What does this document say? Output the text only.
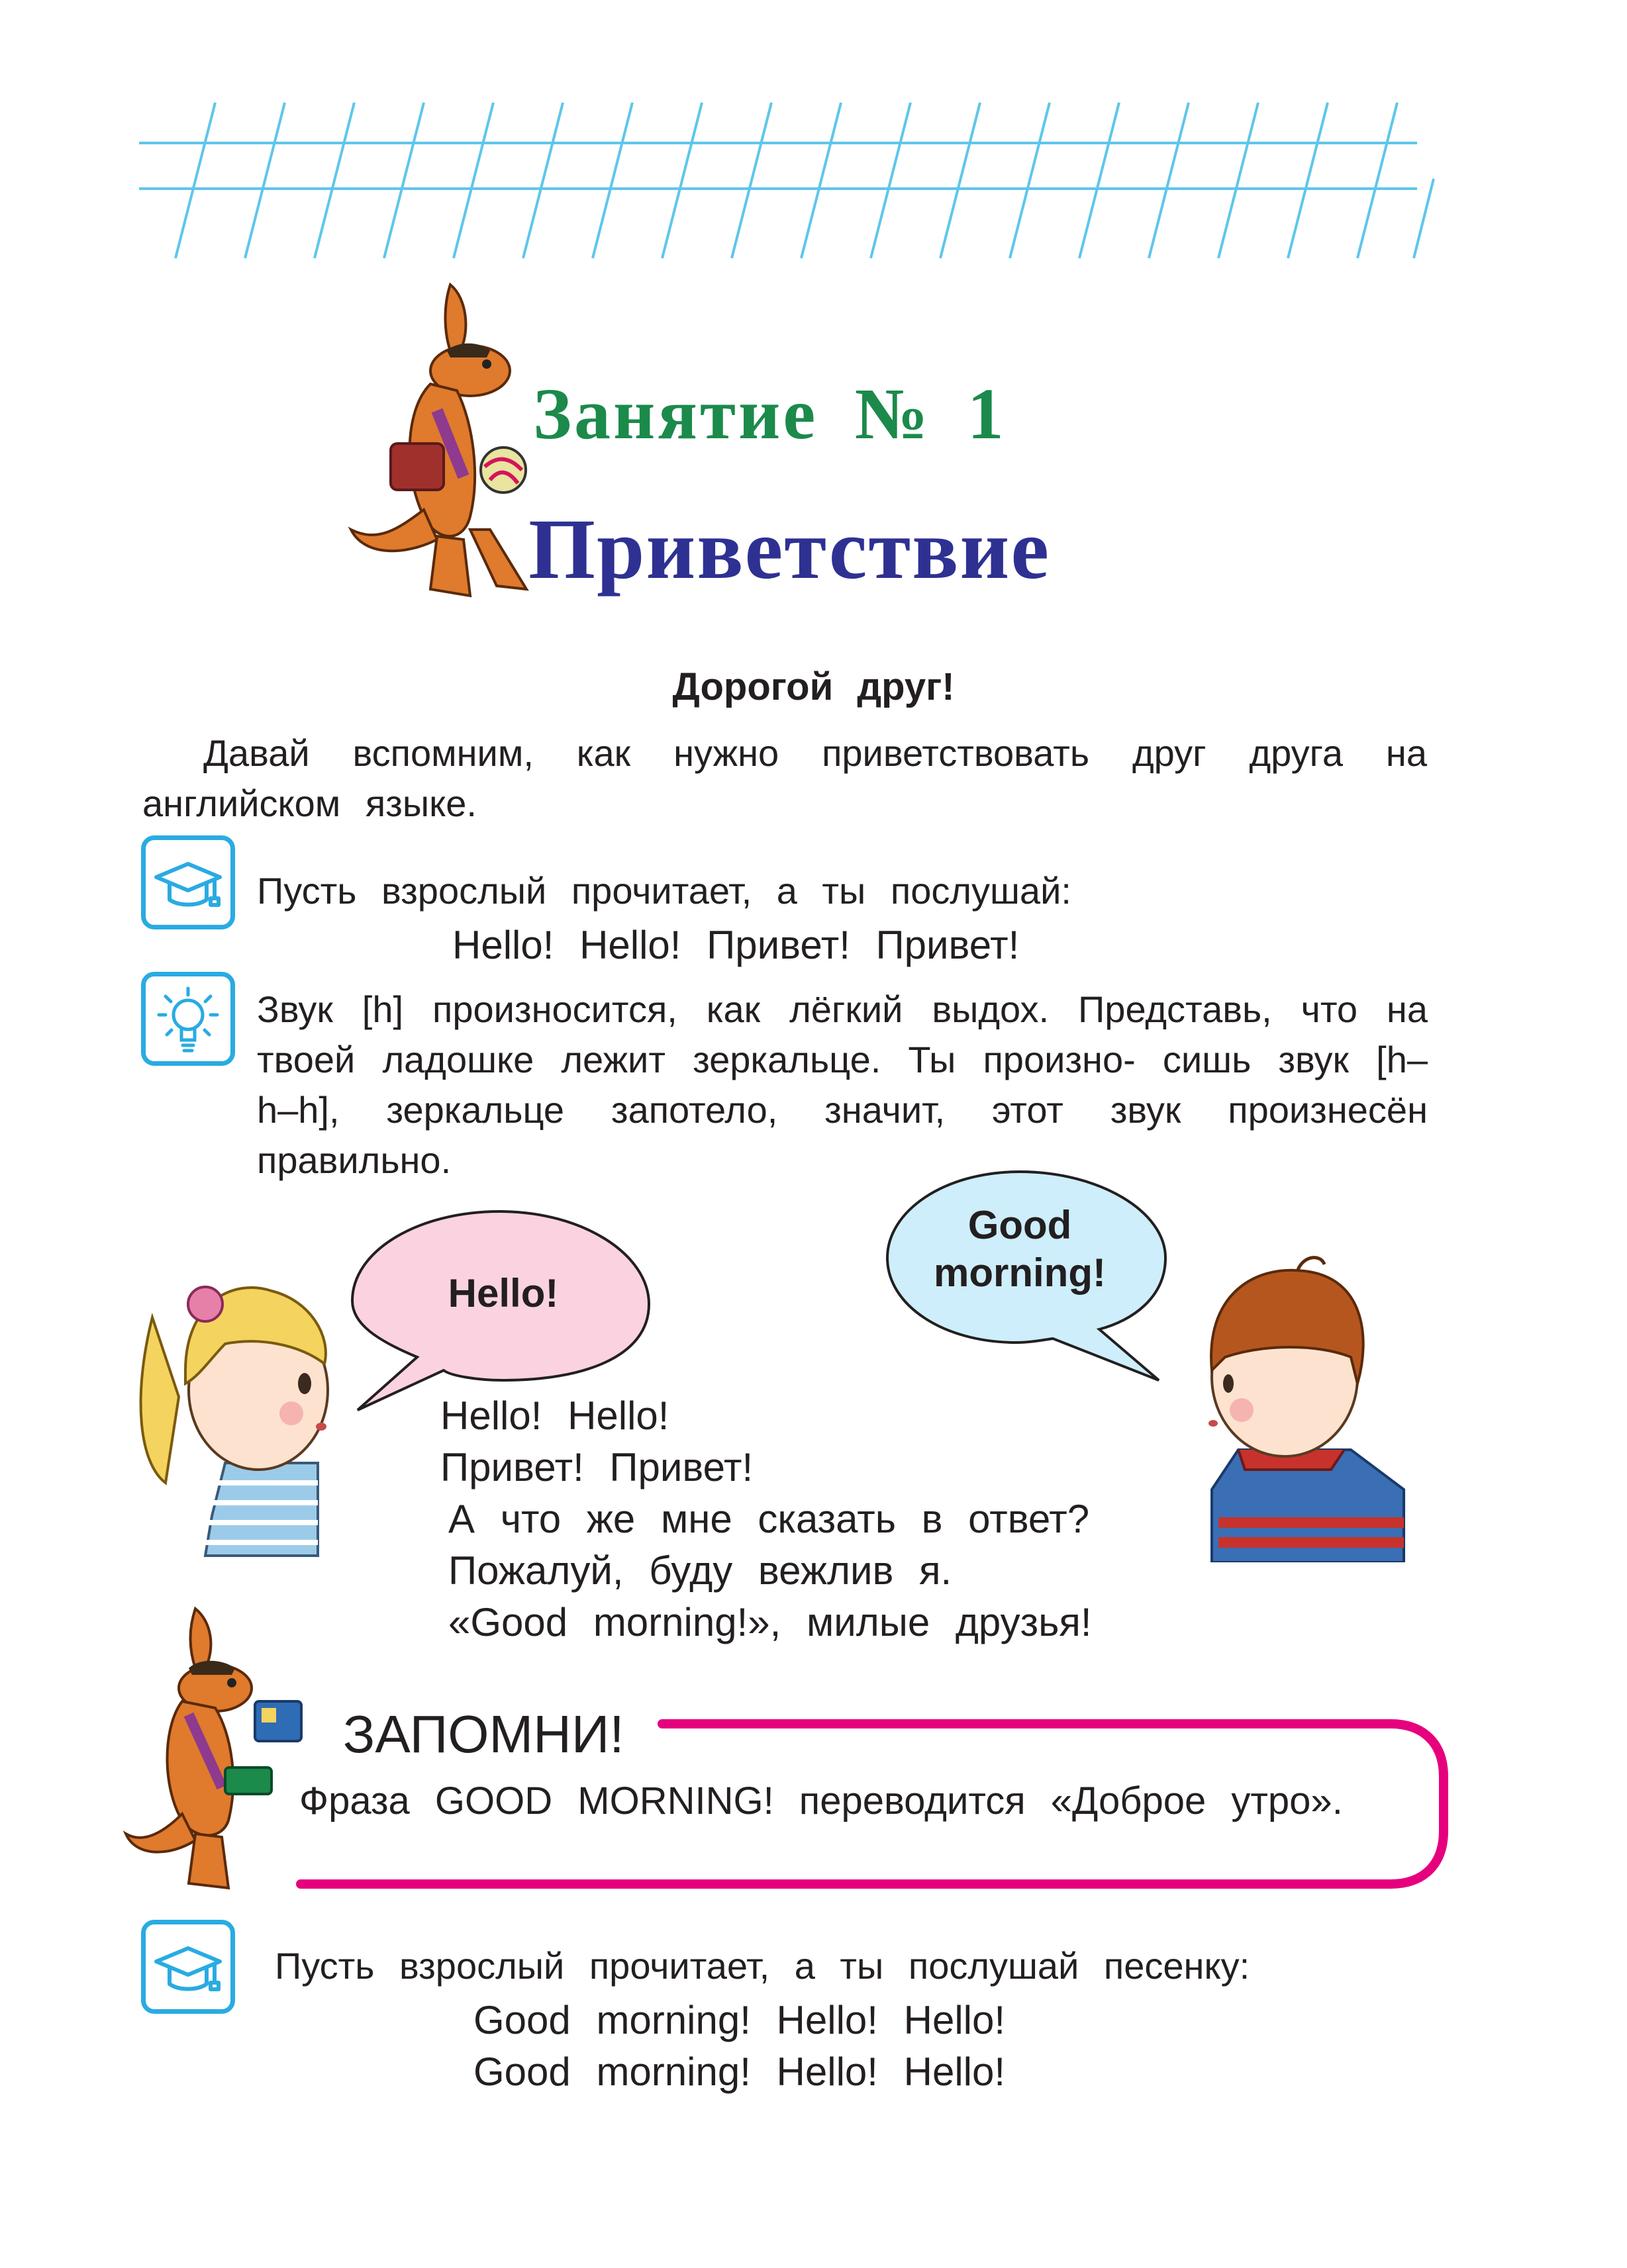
Занятие № 1
Приветствие
Дорогой друг!
Давай вспомним, как нужно приветствовать друг друга на английском языке.
Пусть взрослый прочитает, а ты послушай:
Hello! Hello! Привет! Привет!
Звук [h] произносится, как лёгкий выдох. Представь, что на твоей ладошке лежит зеркальце. Ты произно- сишь звук [h–h–h], зеркальце запотело, значит, этот звук произнесён правильно.
Hello!
Good
morning!
Hello! Hello!
Привет! Привет!
А что же мне сказать в ответ?
Пожалуй, буду вежлив я.
«Good morning!», милые друзья!
ЗАПОМНИ!
Фраза GOOD MORNING! переводится «Доброе утро».
Пусть взрослый прочитает, а ты послушай песенку:
Good morning! Hello! Hello!
Good morning! Hello! Hello!
